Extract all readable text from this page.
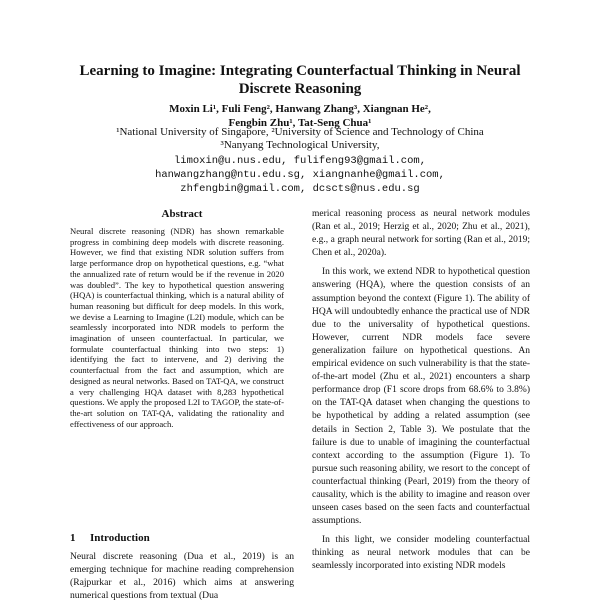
Learning to Imagine: Integrating Counterfactual Thinking in Neural
Discrete Reasoning
Moxin Li¹, Fuli Feng², Hanwang Zhang³, Xiangnan He²,
Fengbin Zhu¹, Tat-Seng Chua¹
¹National University of Singapore, ²University of Science and Technology of China
³Nanyang Technological University,
limoxin@u.nus.edu, fulifeng93@gmail.com,
hanwangzhang@ntu.edu.sg, xiangnanhe@gmail.com,
zhfengbin@gmail.com, dcscts@nus.edu.sg
Abstract
Neural discrete reasoning (NDR) has shown remarkable progress in combining deep models with discrete reasoning. However, we find that existing NDR solution suffers from large performance drop on hypothetical questions, e.g. “what the annualized rate of return would be if the revenue in 2020 was doubled”. The key to hypothetical question answering (HQA) is counterfactual thinking, which is a natural ability of human reasoning but difficult for deep models. In this work, we devise a Learning to Imagine (L2I) module, which can be seamlessly incorporated into NDR models to perform the imagination of unseen counterfactual. In particular, we formulate counterfactual thinking into two steps: 1) identifying the fact to intervene, and 2) deriving the counterfactual from the fact and assumption, which are designed as neural networks. Based on TAT-QA, we construct a very challenging HQA dataset with 8,283 hypothetical questions. We apply the proposed L2I to TAGOP, the state-of-the-art solution on TAT-QA, validating the rationality and effectiveness of our approach.
1 Introduction
Neural discrete reasoning (Dua et al., 2019) is an emerging technique for machine reading comprehension (Rajpurkar et al., 2016) which aims at answering numerical questions from textual (Dua

merical reasoning process as neural network modules (Ran et al., 2019; Herzig et al., 2020; Zhu et al., 2021), e.g., a graph neural network for sorting (Ran et al., 2019; Chen et al., 2020a).

In this work, we extend NDR to hypothetical question answering (HQA), where the question consists of an assumption beyond the context (Figure 1). The ability of HQA will undoubtedly enhance the practical use of NDR due to the universality of hypothetical questions. However, current NDR models face severe generalization failure on hypothetical questions. An empirical evidence on such vulnerability is that the state-of-the-art model (Zhu et al., 2021) encounters a sharp performance drop (F1 score drops from 68.6% to 3.8%) on the TAT-QA dataset when changing the questions to be hypothetical by adding a related assumption (see details in Section 2, Table 3). We postulate that the failure is due to unable of imagining the counterfactual context according to the assumption (Figure 1). To pursue such reasoning ability, we resort to the concept of counterfactual thinking (Pearl, 2019) from the theory of causality, which is the ability to imagine and reason over unseen cases based on the seen facts and counterfactual assumptions.

In this light, we consider modeling counterfactual thinking as neural network modules that can be seamlessly incorporated into existing NDR models
